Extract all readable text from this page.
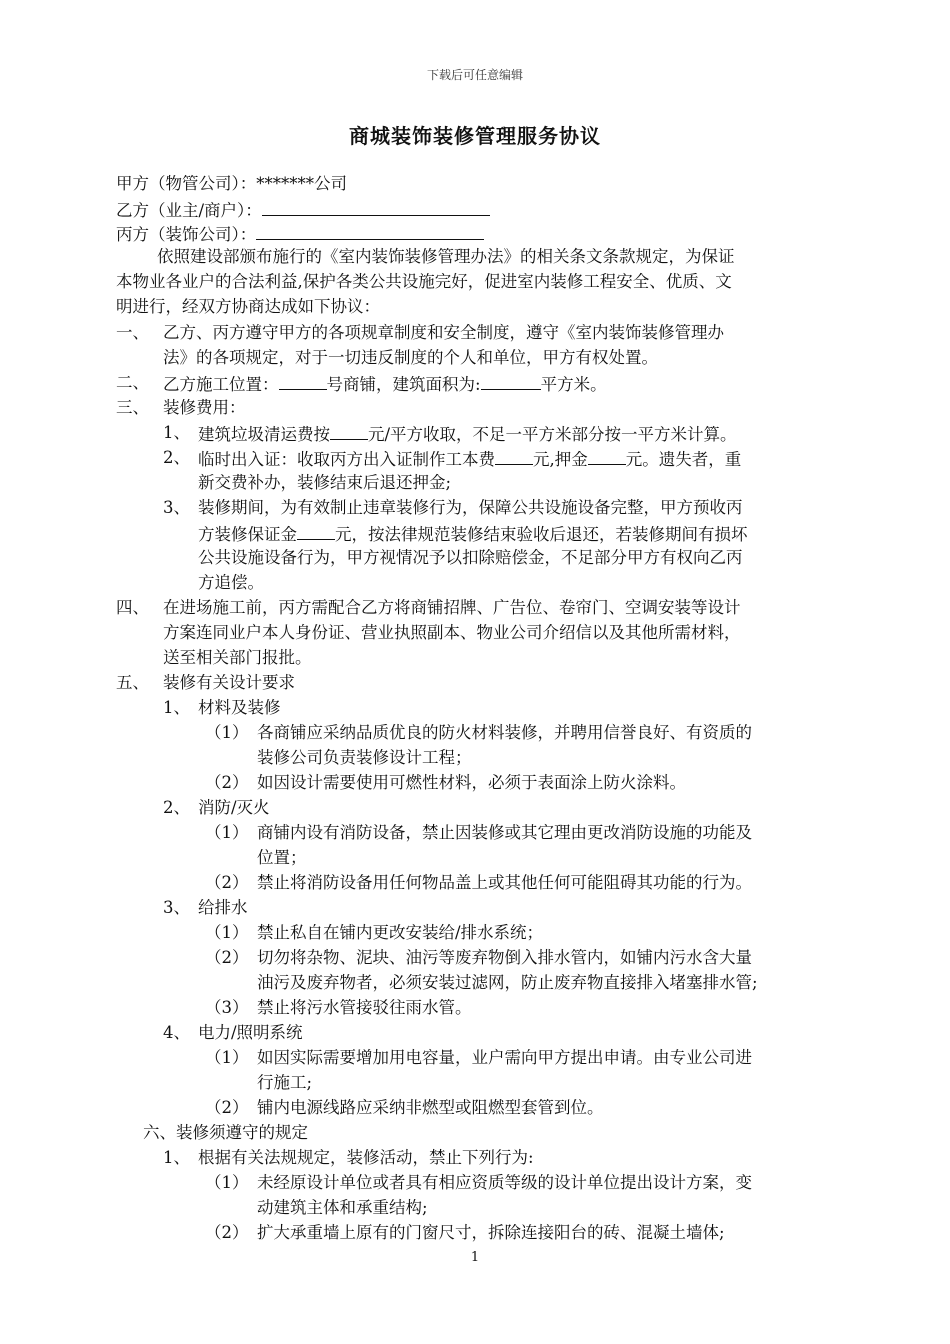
下载后可任意编辑
商城装饰装修管理服务协议
甲方（物管公司）：*******公司
乙方（业主/商户）：
丙方（装饰公司）：
依照建设部颁布施行的《室内装饰装修管理办法》的相关条文条款规定，为保证
本物业各业户的合法利益,保护各类公共设施完好，促进室内装修工程安全、优质、文
明进行，经双方协商达成如下协议：
一、 乙方、丙方遵守甲方的各项规章制度和安全制度，遵守《室内装饰装修管理办
法》的各项规定，对于一切违反制度的个人和单位，甲方有权处置。
二、 乙方施工位置：	号商铺，建筑面积为:	平方米。
三、 装修费用：
1、 建筑垃圾清运费按 元/平方收取，不足一平方米部分按一平方米计算。
2、 临时出入证：收取丙方出入证制作工本费 元,押金 元。遗失者，重
新交费补办，装修结束后退还押金;
3、 装修期间，为有效制止违章装修行为，保障公共设施设备完整，甲方预收丙
方装修保证金 元，按法律规范装修结束验收后退还，若装修期间有损坏
公共设施设备行为，甲方视情况予以扣除赔偿金，不足部分甲方有权向乙丙
方追偿。
四、 在进场施工前，丙方需配合乙方将商铺招牌、广告位、卷帘门、空调安装等设计
方案连同业户本人身份证、营业执照副本、物业公司介绍信以及其他所需材料，
送至相关部门报批。
五、 装修有关设计要求
1、 材料及装修
（1） 各商铺应采纳品质优良的防火材料装修，并聘用信誉良好、有资质的
装修公司负责装修设计工程；
（2） 如因设计需要使用可燃性材料，必须于表面涂上防火涂料。
2、 消防/灭火
（1） 商铺内设有消防设备，禁止因装修或其它理由更改消防设施的功能及
位置；
（2） 禁止将消防设备用任何物品盖上或其他任何可能阻碍其功能的行为。
3、 给排水
（1） 禁止私自在铺内更改安装给/排水系统；
（2） 切勿将杂物、泥块、油污等废弃物倒入排水管内，如铺内污水含大量
油污及废弃物者，必须安装过滤网，防止废弃物直接排入堵塞排水管;
（3） 禁止将污水管接驳往雨水管。
4、 电力/照明系统
（1） 如因实际需要增加用电容量，业户需向甲方提出申请。由专业公司进
行施工;
（2） 铺内电源线路应采纳非燃型或阻燃型套管到位。
六、装修须遵守的规定
1、 根据有关法规规定，装修活动，禁止下列行为:
（1） 未经原设计单位或者具有相应资质等级的设计单位提出设计方案，变
动建筑主体和承重结构;
（2） 扩大承重墙上原有的门窗尺寸，拆除连接阳台的砖、混凝土墙体;
1
